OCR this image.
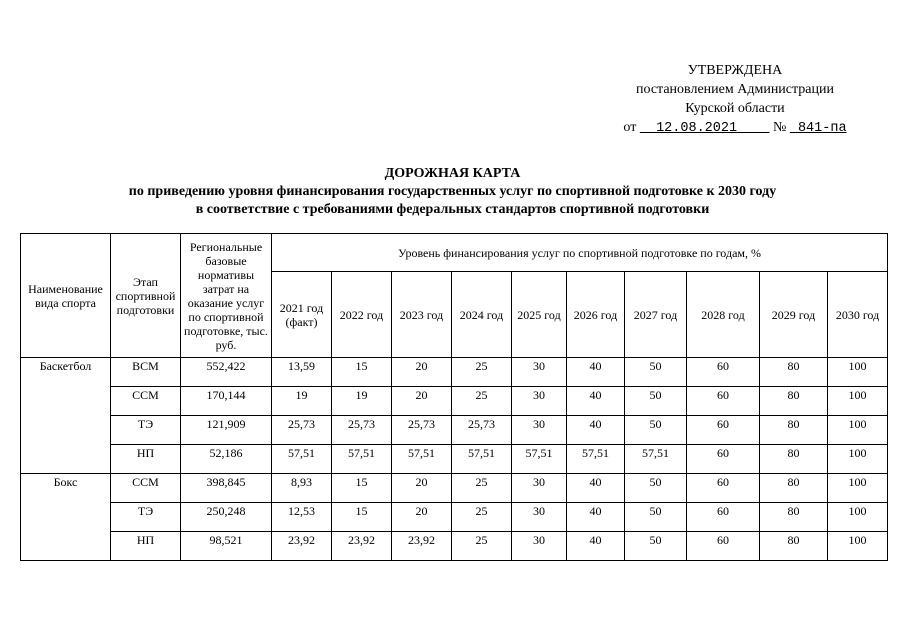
УТВЕРЖДЕНА
постановлением Администрации
Курской области
от 12.08.2021	№ 841-па
ДОРОЖНАЯ КАРТА
по приведению уровня финансирования государственных услуг по спортивной подготовке к 2030 году
в соответствие с требованиями федеральных стандартов спортивной подготовки
Наименование вида спорта	Этап спортивной подготовки	Региональные базовые нормативы затрат на оказание услуг по спортивной подготовке, тыс. руб.	Уровень финансирования услуг по спортивной подготовке по годам, %									
			2021 год (факт)	2022 год	2023 год	2024 год	2025 год	2026 год	2027 год	2028 год	2029 год	2030 год
Баскетбол	ВСМ	552,422	13,59	15	20	25	30	40	50	60	80	100
	ССМ	170,144	19	19	20	25	30	40	50	60	80	100
	ТЭ	121,909	25,73	25,73	25,73	25,73	30	40	50	60	80	100
	НП	52,186	57,51	57,51	57,51	57,51	57,51	57,51	57,51	60	80	100
Бокс	ССМ	398,845	8,93	15	20	25	30	40	50	60	80	100
	ТЭ	250,248	12,53	15	20	25	30	40	50	60	80	100
	НП	98,521	23,92	23,92	23,92	25	30	40	50	60	80	100
